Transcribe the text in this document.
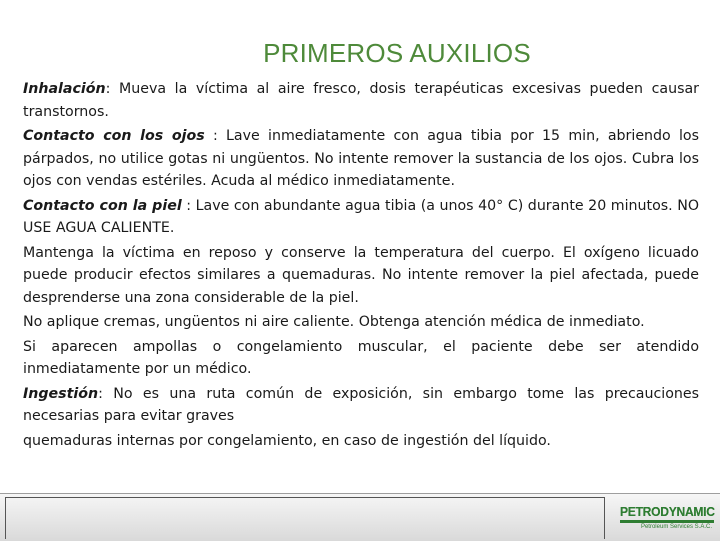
PRIMEROS AUXILIOS

Inhalación: Mueva la víctima al aire fresco, dosis terapéuticas excesivas pueden causar transtornos.

Contacto con los ojos : Lave inmediatamente con agua tibia por 15 min, abriendo los párpados, no utilice gotas ni ungüentos. No intente remover la sustancia de los ojos. Cubra los ojos con vendas estériles. Acuda al médico inmediatamente.

Contacto con la piel : Lave con abundante agua tibia (a unos 40° C) durante 20 minutos. NO USE AGUA CALIENTE.

Mantenga la víctima en reposo y conserve la temperatura del cuerpo. El oxígeno licuado puede producir efectos similares a quemaduras. No intente remover la piel afectada, puede desprenderse una zona considerable de la piel.

No aplique cremas, ungüentos ni aire caliente. Obtenga atención médica de inmediato.

Si aparecen ampollas o congelamiento muscular, el paciente debe ser atendido inmediatamente por un médico.

Ingestión: No es una ruta común de exposición, sin embargo tome las precauciones necesarias para evitar graves

quemaduras internas por congelamiento, en caso de ingestión del líquido.

PETRODYNAMIC
Petroleum Services S.A.C.
